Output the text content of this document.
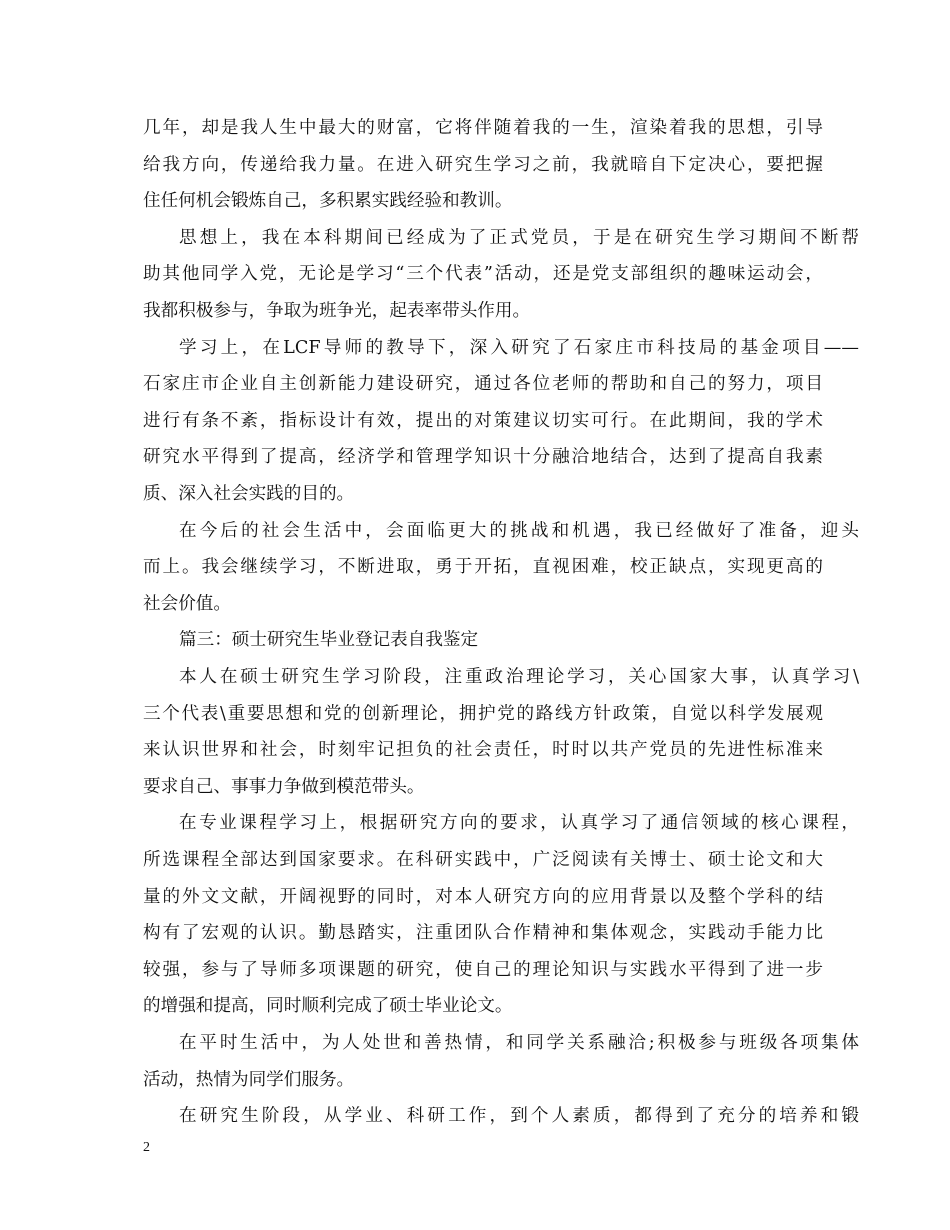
几年，却是我人生中最大的财富，它将伴随着我的一生，渲染着我的思想，引导
给我方向，传递给我力量。在进入研究生学习之前，我就暗自下定决心，要把握
住任何机会锻炼自己，多积累实践经验和教训。
思想上，我在本科期间已经成为了正式党员，于是在研究生学习期间不断帮
助其他同学入党，无论是学习“三个代表”活动，还是党支部组织的趣味运动会，
我都积极参与，争取为班争光，起表率带头作用。
学习上，在LCF导师的教导下，深入研究了石家庄市科技局的基金项目——
石家庄市企业自主创新能力建设研究，通过各位老师的帮助和自己的努力，项目
进行有条不紊，指标设计有效，提出的对策建议切实可行。在此期间，我的学术
研究水平得到了提高，经济学和管理学知识十分融洽地结合，达到了提高自我素
质、深入社会实践的目的。
在今后的社会生活中，会面临更大的挑战和机遇，我已经做好了准备，迎头
而上。我会继续学习，不断进取，勇于开拓，直视困难，校正缺点，实现更高的
社会价值。
篇三：硕士研究生毕业登记表自我鉴定
本人在硕士研究生学习阶段，注重政治理论学习，关心国家大事，认真学习\
三个代表\重要思想和党的创新理论，拥护党的路线方针政策，自觉以科学发展观
来认识世界和社会，时刻牢记担负的社会责任，时时以共产党员的先进性标准来
要求自己、事事力争做到模范带头。
在专业课程学习上，根据研究方向的要求，认真学习了通信领域的核心课程，
所选课程全部达到国家要求。在科研实践中，广泛阅读有关博士、硕士论文和大
量的外文文献，开阔视野的同时，对本人研究方向的应用背景以及整个学科的结
构有了宏观的认识。勤恳踏实，注重团队合作精神和集体观念，实践动手能力比
较强，参与了导师多项课题的研究，使自己的理论知识与实践水平得到了进一步
的增强和提高，同时顺利完成了硕士毕业论文。
在平时生活中，为人处世和善热情，和同学关系融洽;积极参与班级各项集体
活动，热情为同学们服务。
在研究生阶段，从学业、科研工作，到个人素质，都得到了充分的培养和锻
2
